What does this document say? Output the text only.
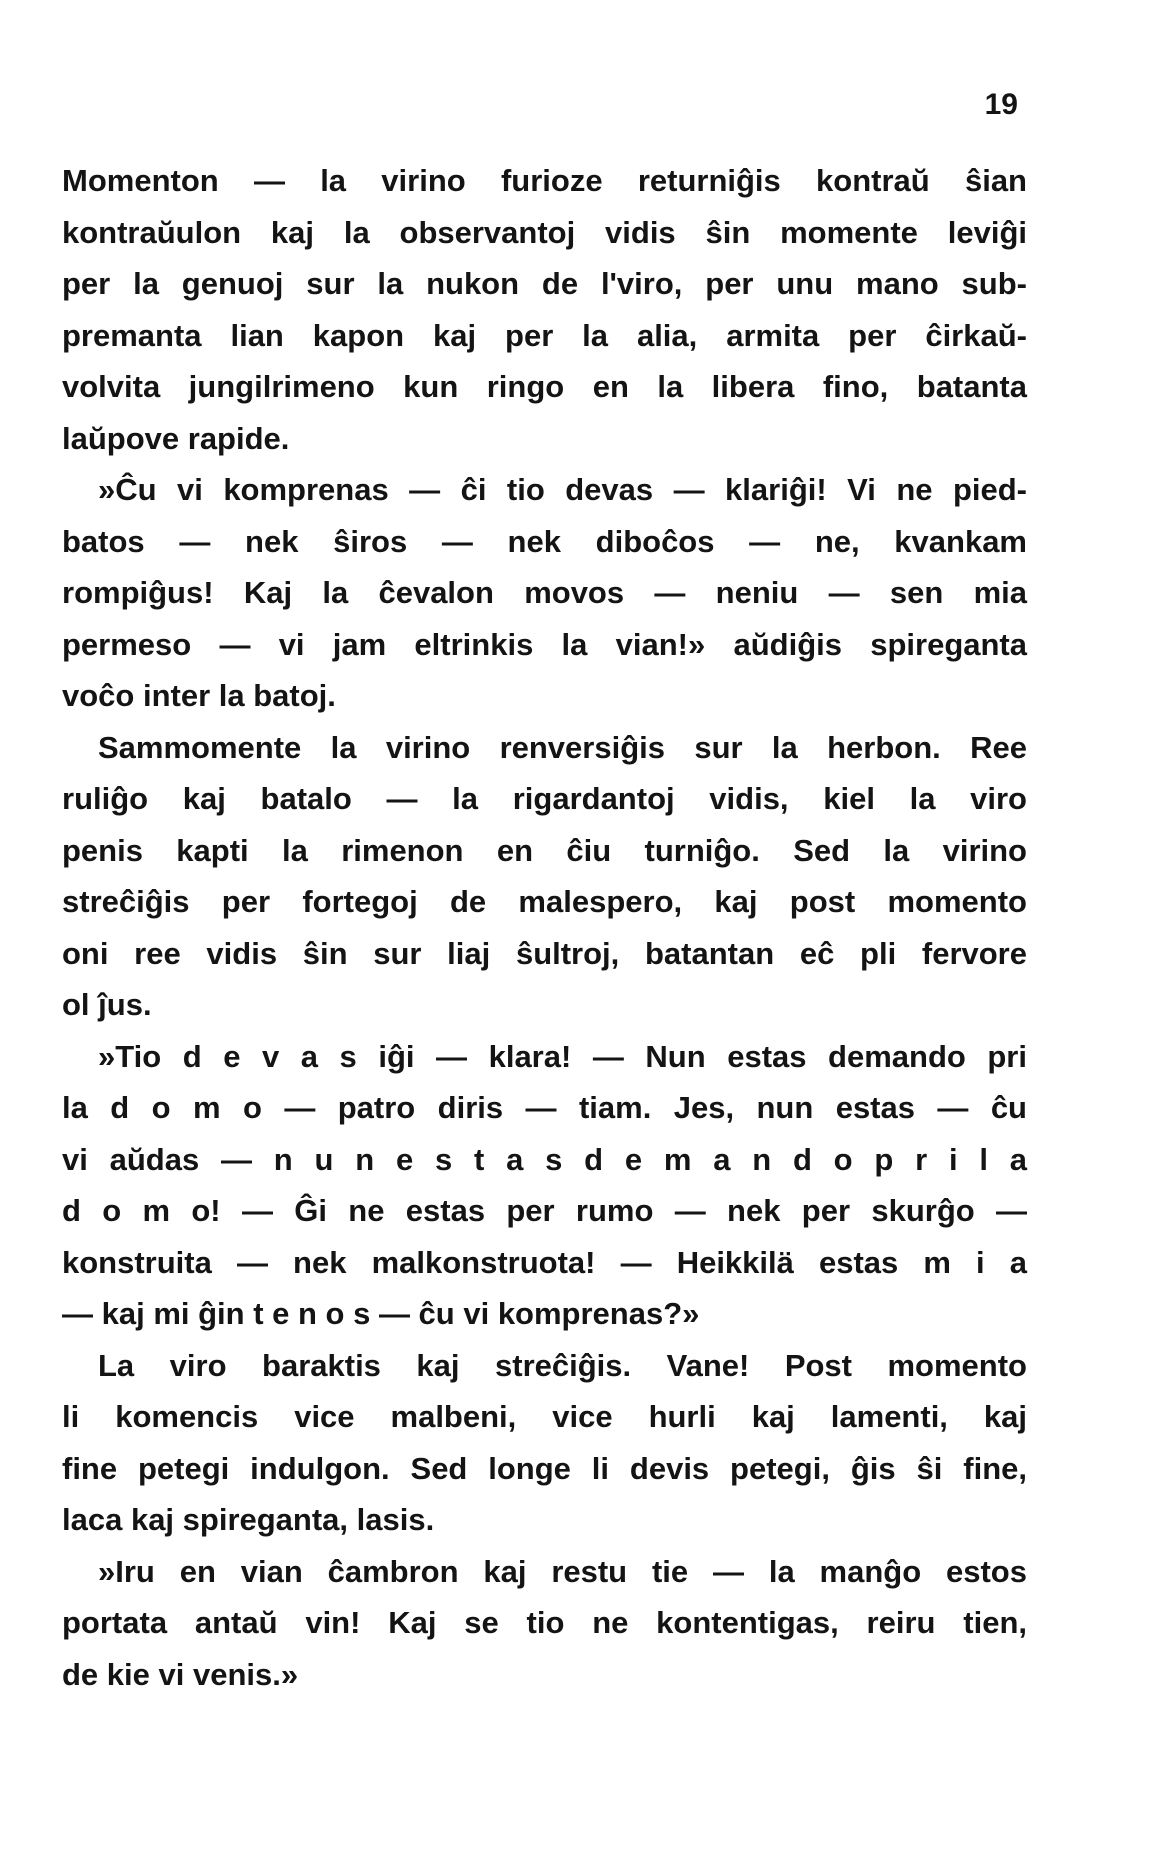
19
Momenton — la virino furioze returniĝis kontraŭ ŝian
kontraŭulon kaj la observantoj vidis ŝin momente leviĝi
per la genuoj sur la nukon de l'viro, per unu mano sub-
premanta lian kapon kaj per la alia, armita per ĉirkaŭ-
volvita jungilrimeno kun ringo en la libera fino, batanta
laŭpove rapide.
»Ĉu vi komprenas — ĉi tio devas — klariĝi! Vi ne pied-
batos — nek ŝiros — nek diboĉos — ne, kvankam
rompiĝus! Kaj la ĉevalon movos — neniu — sen mia
permeso — vi jam eltrinkis la vian!» aŭdiĝis spireganta
voĉo inter la batoj.
Sammomente la virino renversiĝis sur la herbon. Ree
ruliĝo kaj batalo — la rigardantoj vidis, kiel la viro
penis kapti la rimenon en ĉiu turniĝo. Sed la virino
streĉiĝis per fortegoj de malespero, kaj post momento
oni ree vidis ŝin sur liaj ŝultroj, batantan eĉ pli fervore
ol ĵus.
»Tio d e v a s iĝi — klara! — Nun estas demando pri
la d o m o — patro diris — tiam. Jes, nun estas — ĉu
vi aŭdas — n u n e s t a s d e m a n d o p r i l a
d o m o! — Ĝi ne estas per rumo — nek per skurĝo —
konstruita — nek malkonstruota! — Heikkilä estas m i a
— kaj mi ĝin t e n o s — ĉu vi komprenas?»
La viro baraktis kaj streĉiĝis. Vane! Post momento
li komencis vice malbeni, vice hurli kaj lamenti, kaj
fine petegi indulgon. Sed longe li devis petegi, ĝis ŝi fine,
laca kaj spireganta, lasis.
»Iru en vian ĉambron kaj restu tie — la manĝo estos
portata antaŭ vin! Kaj se tio ne kontentigas, reiru tien,
de kie vi venis.»
